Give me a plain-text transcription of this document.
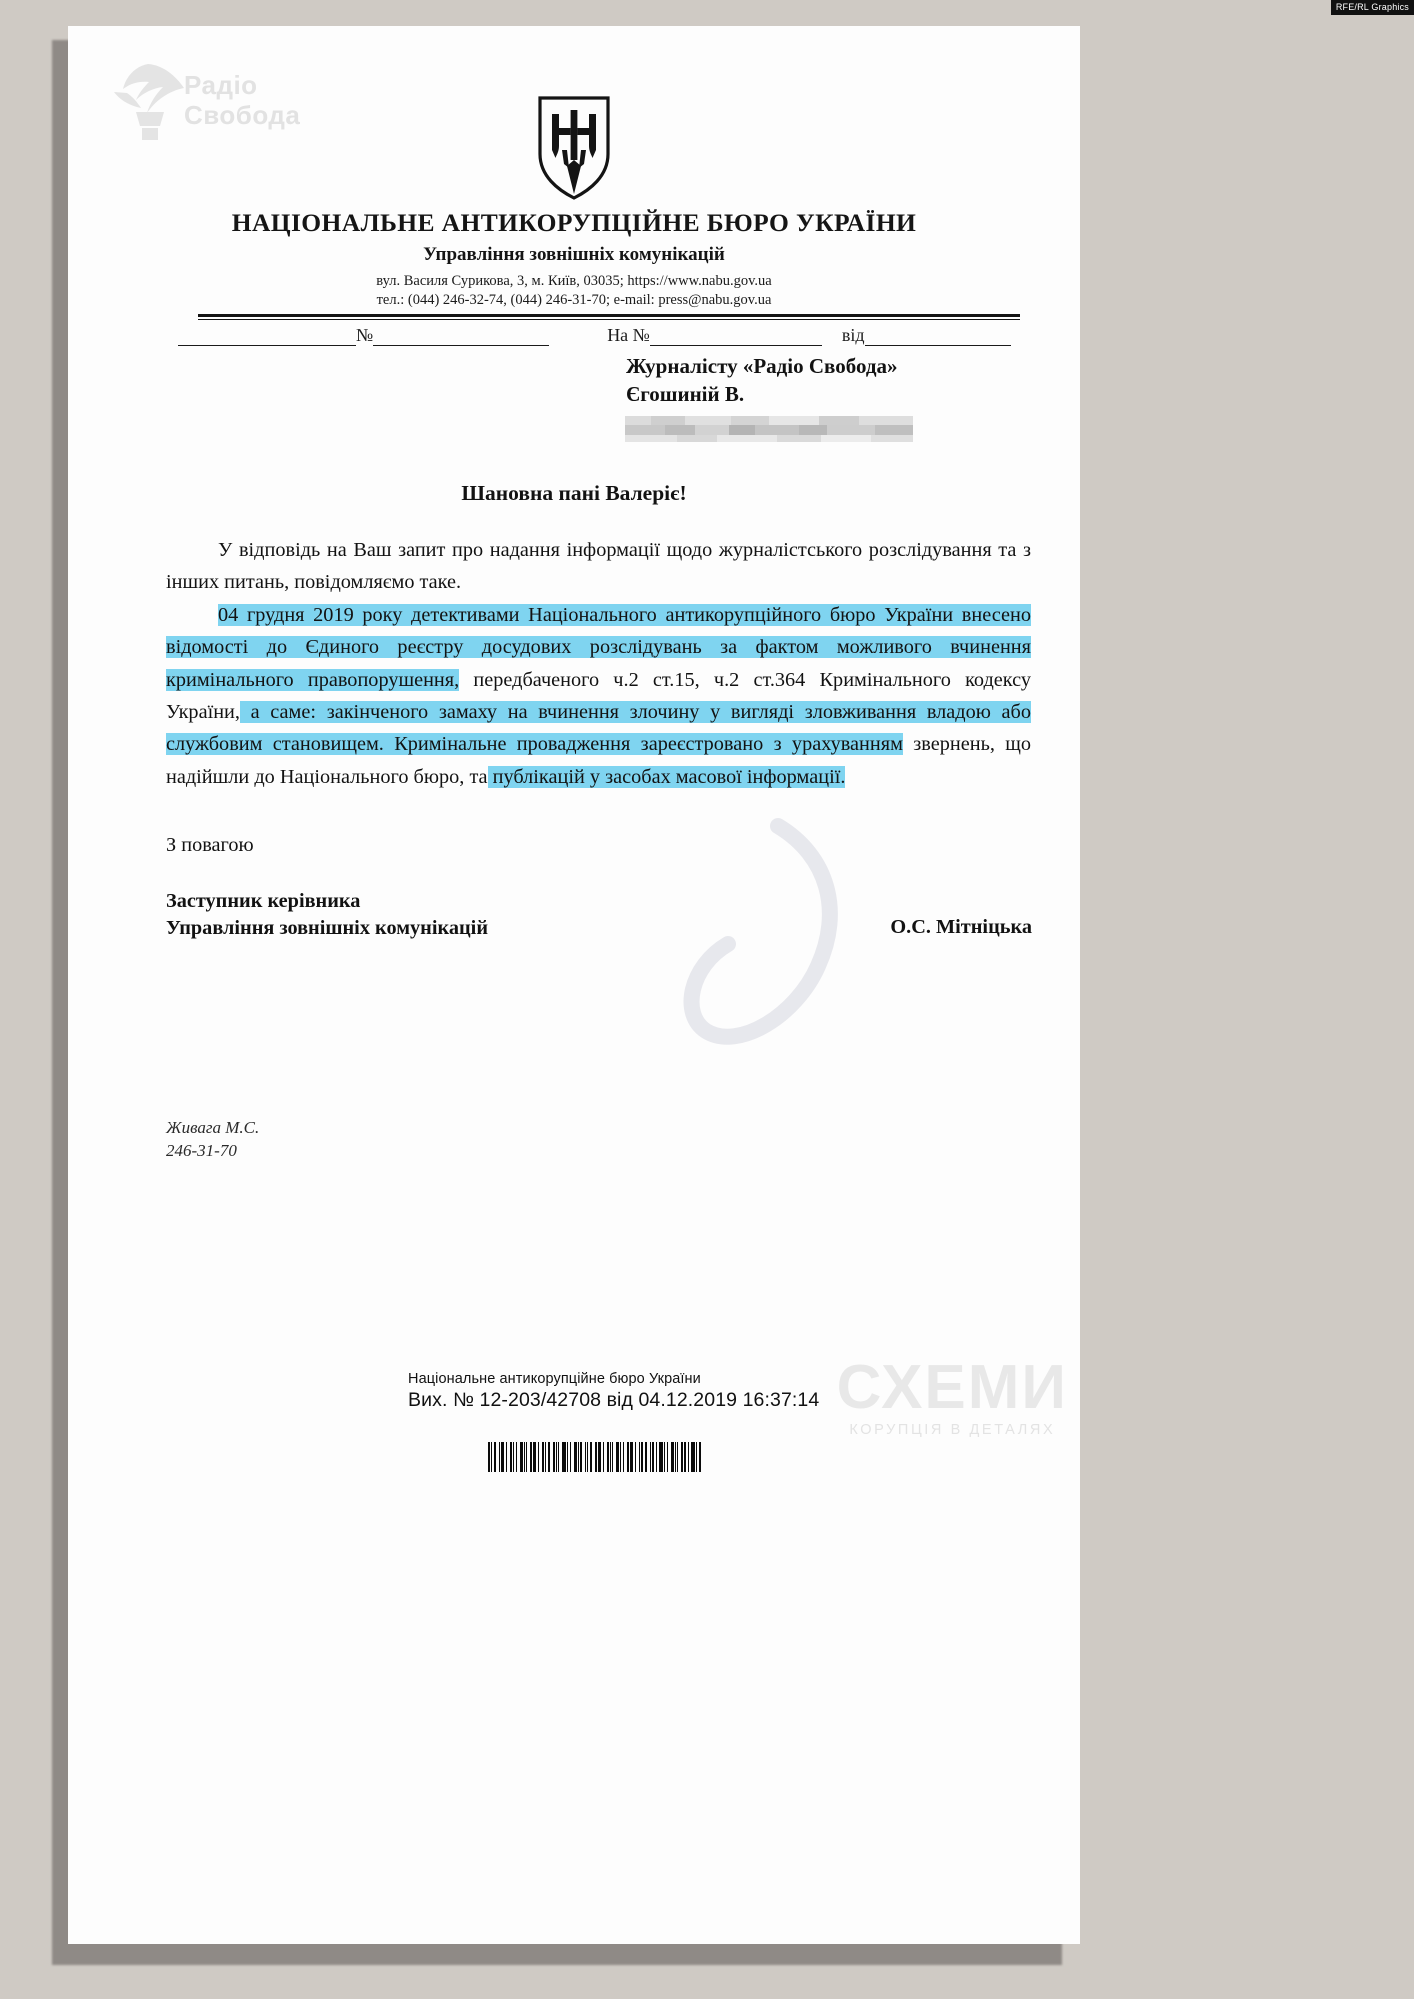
RFE/RL Graphics
Радіо
Свобода
НАЦІОНАЛЬНЕ АНТИКОРУПЦІЙНЕ БЮРО УКРАЇНИ
Управління зовнішніх комунікацій
вул. Василя Сурикова, 3, м. Київ, 03035; https://www.nabu.gov.ua
тел.: (044) 246-32-74, (044) 246-31-70; e-mail: press@nabu.gov.ua
№	На №	від
Журналісту «Радіо Свобода»
Єгошиній В.
Шановна пані Валеріє!

У відповідь на Ваш запит про надання інформації щодо журналістського розслідування та з інших питань, повідомляємо таке.

04 грудня 2019 року детективами Національного антикорупційного бюро України внесено відомості до Єдиного реєстру досудових розслідувань за фактом можливого вчинення кримінального правопорушення, передбаченого ч.2 ст.15, ч.2 ст.364 Кримінального кодексу України, а саме: закінченого замаху на вчинення злочину у вигляді зловживання владою або службовим становищем. Кримінальне провадження зареєстровано з урахуванням звернень, що надійшли до Національного бюро, та публікацій у засобах масової інформації.

З повагою
Заступник керівника
Управління зовнішніх комунікацій	О.С. Мітніцька
Живага М.С.
246-31-70
Національне антикорупційне бюро України
Вих. № 12-203/42708 від 04.12.2019 16:37:14 СХЕМИ
КОРУПЦІЯ В ДЕТАЛЯХ
